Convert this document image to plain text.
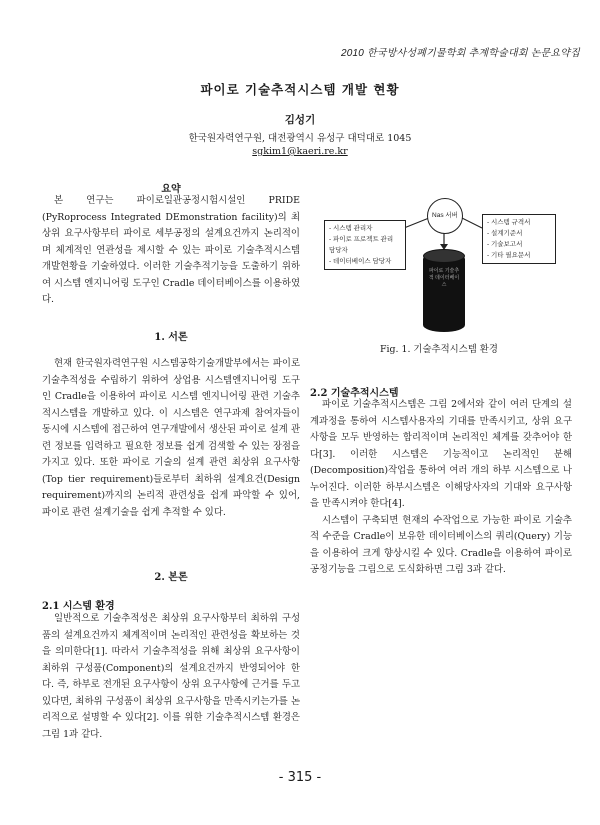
2010 한국방사성폐기물학회 추계학술대회 논문요약집
파이로 기술추적시스템 개발 현황
김성기
한국원자력연구원, 대전광역시 유성구 대덕대로 1045
sgkim1@kaeri.re.kr
요약

본 연구는 파이로일관공정시험시설인 PRIDE (PyRoprocess Integrated DEmonstration facility)의 최상위 요구사항부터 파이로 세부공정의 설계요건까지 논리적이며 체계적인 연관성을 제시할 수 있는 파이로 기술추적시스템 개발현황을 기술하였다. 이러한 기술추적기능을 도출하기 위하여 시스템 엔지니어링 도구인 Cradle 데이터베이스를 이용하였다.

1. 서론

현재 한국원자력연구원 시스템공학기술개발부에서는 파이로 기술추적성을 수립하기 위하여 상업용 시스템엔지니어링 도구인 Cradle을 이용하여 파이로 시스템 엔지니어링 관련 기술추적시스템을 개발하고 있다. 이 시스템은 연구과제 참여자들이 동시에 시스템에 접근하여 연구개발에서 생산된 파이로 설계 관련 정보를 입력하고 필요한 정보를 쉽게 검색할 수 있는 장점을 가지고 있다. 또한 파이로 기술의 설계 관련 최상위 요구사항(Top tier requirement)들로부터 최하위 설계요건(Design requirement)까지의 논리적 관련성을 쉽게 파악할 수 있어, 파이로 관련 설계기술을 쉽게 추적할 수 있다.

2. 본론
2.1 시스템 환경

일반적으로 기술추적성은 최상위 요구사항부터 최하위 구성품의 설계요건까지 체계적이며 논리적인 관련성을 확보하는 것을 의미한다[1]. 따라서 기술추적성을 위해 최상위 요구사항이 최하위 구성품(Component)의 설계요건까지 반영되어야 한다. 즉, 하부로 전개된 요구사항이 상위 요구사항에 근거를 두고 있다면, 최하위 구성품이 최상위 요구사항을 만족시키는가를 논리적으로 설명할 수 있다[2]. 이를 위한 기술추적시스템 환경은 그림 1과 같다.

- 시스템 관리자
- 파이로 프로젝트 관리
담당자
- 데이터베이스 담당자
Nas 서버
- 시스템 규격서
- 설계기준서
- 기술보고서
- 기타 필요문서
파이로 기술추적 데이터베이스
Fig. 1. 기술추적시스템 환경
2.2 기술추적시스템

파이로 기술추적시스템은 그림 2에서와 같이 여러 단계의 설계과정을 통하여 시스템사용자의 기대를 만족시키고, 상위 요구사항을 모두 반영하는 합리적이며 논리적인 체계를 갖추어야 한다[3]. 이러한 시스템은 기능적이고 논리적인 분해(Decomposition)작업을 통하여 여러 개의 하부 시스템으로 나누어진다. 이러한 하부시스템은 이해당사자의 기대와 요구사항을 만족시켜야 한다[4].

시스템이 구축되면 현재의 수작업으로 가능한 파이로 기술추적 수준을 Cradle이 보유한 데이터베이스의 쿼리(Query) 기능을 이용하여 크게 향상시킬 수 있다. Cradle을 이용하여 파이로 공정기능을 그림으로 도식화하면 그림 3과 같다.

- 315 -
